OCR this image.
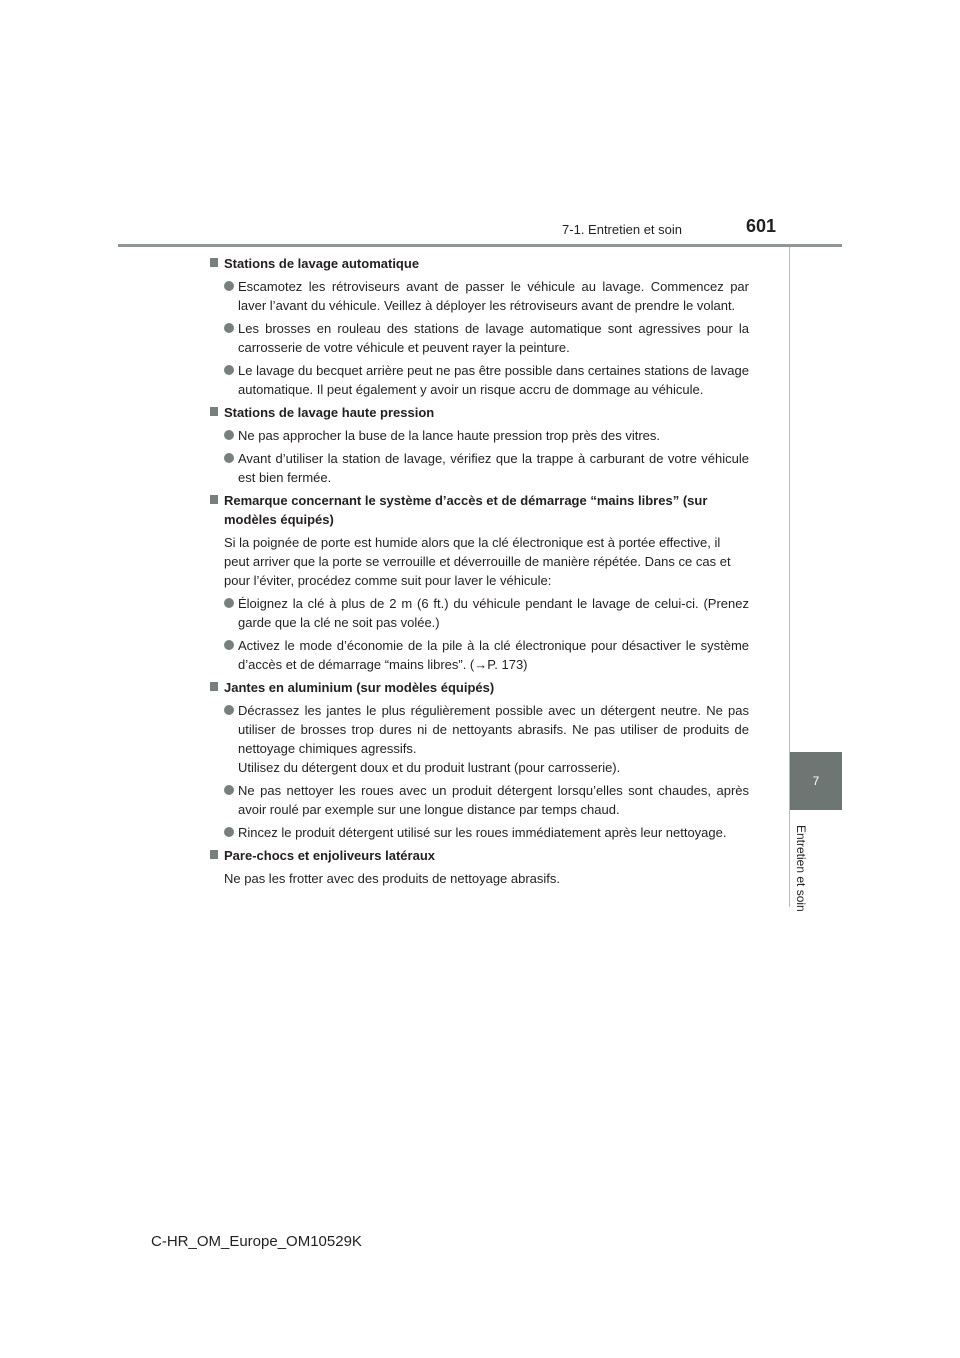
7-1. Entretien et soin	601
7
Entretien et soin
Stations de lavage automatique
Escamotez les rétroviseurs avant de passer le véhicule au lavage. Commencez par laver l’avant du véhicule. Veillez à déployer les rétroviseurs avant de prendre le volant.
Les brosses en rouleau des stations de lavage automatique sont agressives pour la carrosserie de votre véhicule et peuvent rayer la peinture.
Le lavage du becquet arrière peut ne pas être possible dans certaines stations de lavage automatique. Il peut également y avoir un risque accru de dommage au véhicule.
Stations de lavage haute pression
Ne pas approcher la buse de la lance haute pression trop près des vitres.
Avant d’utiliser la station de lavage, vérifiez que la trappe à carburant de votre véhicule est bien fermée.
Remarque concernant le système d’accès et de démarrage “mains libres” (sur modèles équipés)
Si la poignée de porte est humide alors que la clé électronique est à portée effective, il peut arriver que la porte se verrouille et déverrouille de manière répétée. Dans ce cas et pour l’éviter, procédez comme suit pour laver le véhicule:
Éloignez la clé à plus de 2 m (6 ft.) du véhicule pendant le lavage de celui-ci. (Prenez garde que la clé ne soit pas volée.)
Activez le mode d’économie de la pile à la clé électronique pour désactiver le système d’accès et de démarrage “mains libres”. (→P. 173)
Jantes en aluminium (sur modèles équipés)
Décrassez les jantes le plus régulièrement possible avec un détergent neutre. Ne pas utiliser de brosses trop dures ni de nettoyants abrasifs. Ne pas utiliser de produits de nettoyage chimiques agressifs.
Utilisez du détergent doux et du produit lustrant (pour carrosserie).
Ne pas nettoyer les roues avec un produit détergent lorsqu’elles sont chaudes, après avoir roulé par exemple sur une longue distance par temps chaud.
Rincez le produit détergent utilisé sur les roues immédiatement après leur nettoyage.
Pare-chocs et enjoliveurs latéraux
Ne pas les frotter avec des produits de nettoyage abrasifs.
C-HR_OM_Europe_OM10529K
